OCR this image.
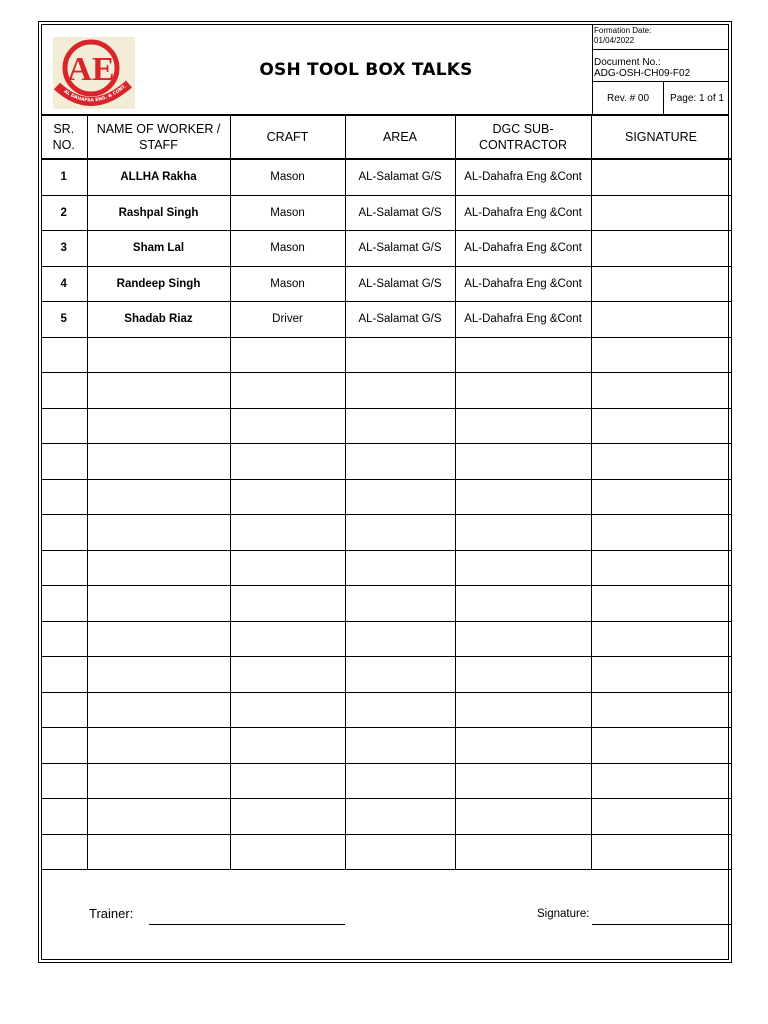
AE
AL DAHAFRA ENG. & CONT.
OSH TOOL BOX TALKS
Formation Date:
01/04/2022
Document No.:
ADG-OSH-CH09-F02
Rev. # 00	Page: 1 of 1
SR. NO.	NAME OF WORKER / STAFF	CRAFT	AREA	DGC SUB-CONTRACTOR	SIGNATURE
1	ALLHA Rakha	Mason	AL-Salamat G/S	AL-Dahafra Eng &Cont	
2	Rashpal Singh	Mason	AL-Salamat G/S	AL-Dahafra Eng &Cont	
3	Sham Lal	Mason	AL-Salamat G/S	AL-Dahafra Eng &Cont	
4	Randeep Singh	Mason	AL-Salamat G/S	AL-Dahafra Eng &Cont	
5	Shadab Riaz	Driver	AL-Salamat G/S	AL-Dahafra Eng &Cont	

Trainer:	Signature:
